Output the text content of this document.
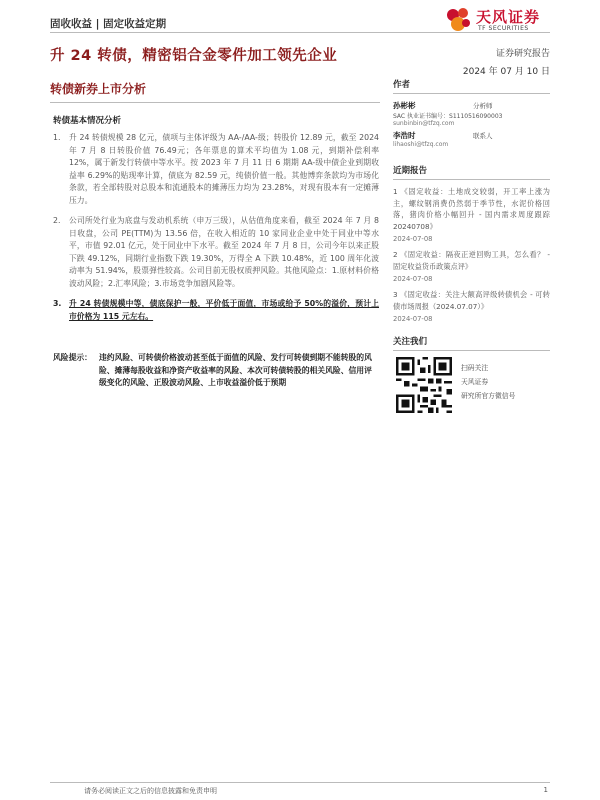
固收收益 | 固定收益定期	天风证券
TF SECURITIES
升 24 转债，精密铝合金零件加工领先企业	证券研究报告
2024 年 07 月 10 日
转债新券上市分析
转债基本情况分析
1. 升 24 转债规模 28 亿元，债项与主体评级为 AA-/AA-级；转股价 12.89 元，截至 2024 年 7 月 8 日转股价值 76.49元；各年票息的算术平均值为 1.08 元，到期补偿利率 12%，属于新发行转债中等水平。按 2023 年 7 月 11 日 6 期期 AA-级中债企业到期收益率 6.29%的贴现率计算，债底为 82.59 元，纯债价值一般。其他博弈条款均为市场化条款，若全部转股对总股本和流通股本的摊薄压力均为 23.28%，对现有股本有一定摊薄压力。
2. 公司所处行业为底盘与发动机系统（申万三级），从估值角度来看，截至 2024 年 7 月 8 日收盘，公司 PE(TTM)为 13.56 倍，在收入相近的 10 家同业企业中处于同业中等水平，市值 92.01 亿元，处于同业中下水平。截至 2024 年 7 月 8 日，公司今年以来正股下跌 49.12%，同期行业指数下跌 19.30%，万得全 A 下跌 10.48%，近 100 周年化波动率为 51.94%，股票弹性较高。公司目前无股权质押风险。其他风险点：1.原材料价格波动风险；2.汇率风险；3.市场竞争加剧风险等。
3. 升 24 转债规模中等，债底保护一般，平价低于面值，市场或给予 50%的溢价，预计上市价格为 115 元左右。
风险提示： 违约风险、可转债价格波动甚至低于面值的风险、发行可转债到期不能转股的风险、摊薄每股收益和净资产收益率的风险、本次可转债转股的相关风险、信用评级变化的风险、正股波动风险、上市收益溢价低于预期
作者
孙彬彬	分析师
SAC 执业证书编号：S1110516090003
sunbinbin@tfzq.com
李浩时	联系人
lihaoshi@tfzq.com
近期报告
1 《固定收益：土地成交较弱，开工率上涨为主，螺纹钢消费仍然弱于季节性，水泥价格回落，猪肉价格小幅回升 - 国内需求周度跟踪 20240708》
2024-07-08
2 《固定收益：隔夜正逆回购工具，怎么看？ - 固定收益货币政策点评》
2024-07-08
3 《固定收益：关注大额高评级转债机会 - 可转债市场周报（2024.07.07）》
2024-07-08
关注我们
扫码关注
天风证券
研究所官方微信号
请务必阅读正文之后的信息披露和免责申明	1
